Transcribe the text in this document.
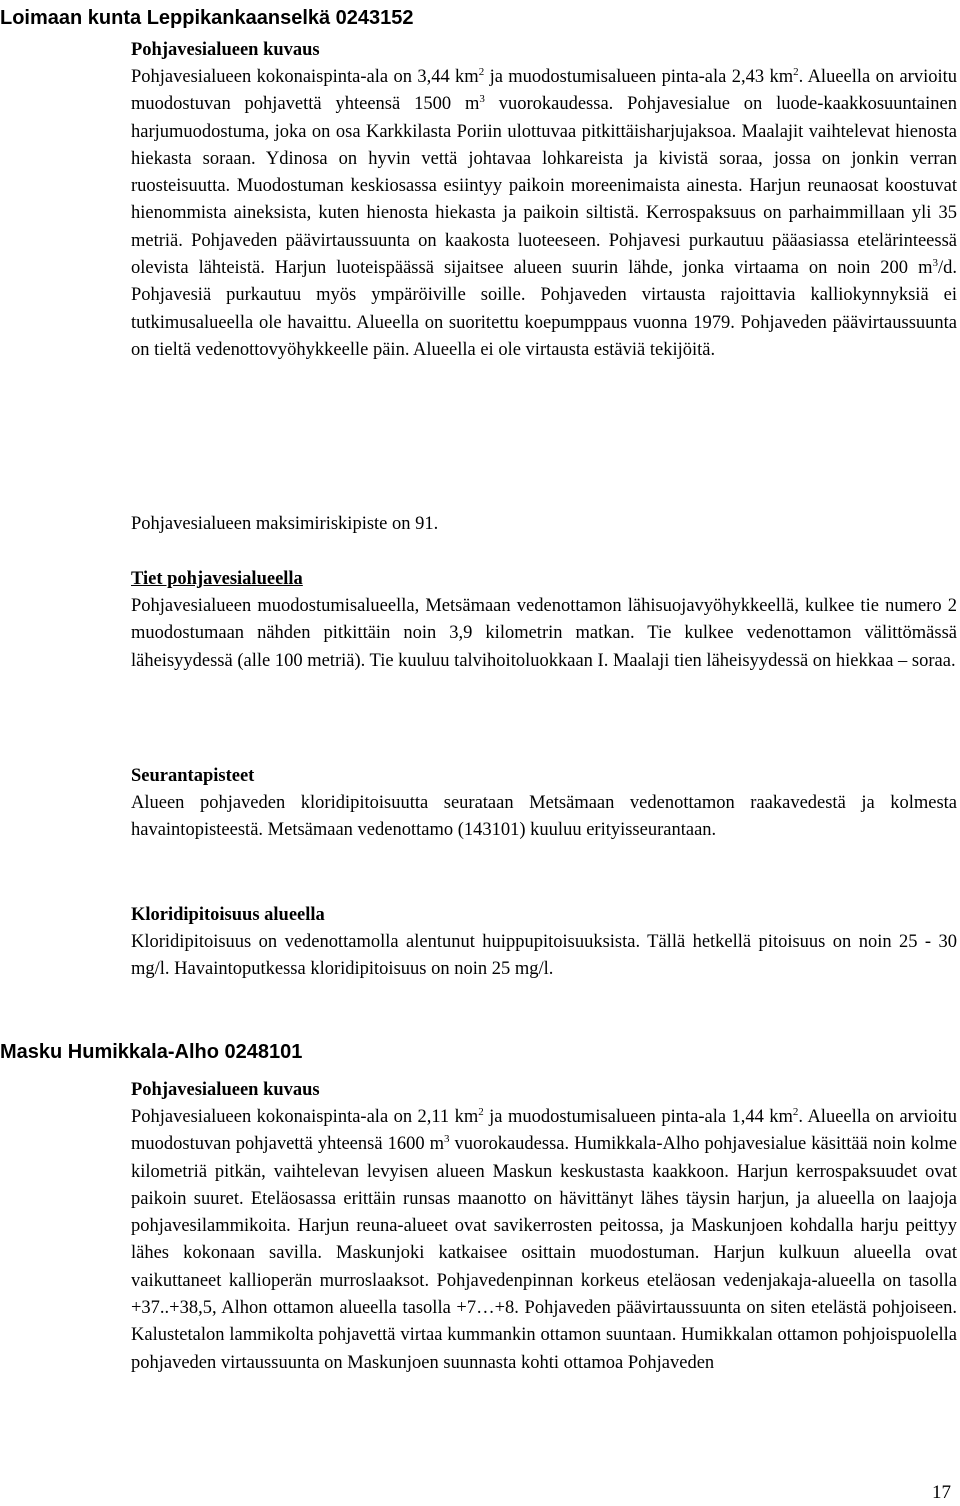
Loimaan kunta Leppikankaanselkä 0243152
Pohjavesialueen kuvaus

Pohjavesialueen kokonaispinta-ala on 3,44 $km^2$ ja muodostumisalueen pinta-ala 2,43 $km^2$. Alueella on arvioitu muodostuvan pohjavettä yhteensä 1500 $m^3$ vuorokaudessa. Pohjavesialue on luode-kaakkosuuntainen harjumuodostuma, joka on osa Karkkilasta Poriin ulottuvaa pitkittäisharjujaksoa. Maalajit vaihtelevat hienosta hiekasta soraan. Ydinosa on hyvin vettä johtavaa lohkareista ja kivistä soraa, jossa on jonkin verran ruosteisuutta. Muodostuman keskiosassa esiintyy paikoin moreenimaista ainesta. Harjun reunaosat koostuvat hienommista aineksista, kuten hienosta hiekasta ja paikoin siltistä. Kerrospaksuus on parhaimmillaan yli 35 metriä. Pohjaveden päävirtaussuunta on kaakosta luoteeseen. Pohjavesi purkautuu pääasiassa etelärinteessä olevista lähteistä. Harjun luoteispäässä sijaitsee alueen suurin lähde, jonka virtaama on noin 200 $m^3/d$. Pohjavesiä purkautuu myös ympäröiville soille. Pohjaveden virtausta rajoittavia kalliokynnyksiä ei tutkimusalueella ole havaittu. Alueella on suoritettu koepumppaus vuonna 1979. Pohjaveden päävirtaussuunta on tieltä vedenottovyöhykkeelle päin. Alueella ei ole virtausta estäviä tekijöitä.

Pohjavesialueen maksimiriskipiste on 91.

Tiet pohjavesialueella

Pohjavesialueen muodostumisalueella, Metsämaan vedenottamon lähisuojavyöhykkeellä, kulkee tie numero 2 muodostumaan nähden pitkittäin noin 3,9 kilometrin matkan. Tie kulkee vedenottamon välittömässä läheisyydessä (alle 100 metriä). Tie kuuluu talvihoitoluokkaan I. Maalaji tien läheisyydessä on hiekkaa – soraa.

Seurantapisteet

Alueen pohjaveden kloridipitoisuutta seurataan Metsämaan vedenottamon raakavedestä ja kolmesta havaintopisteestä. Metsämaan vedenottamo (143101) kuuluu erityisseurantaan.

Kloridipitoisuus alueella

Kloridipitoisuus on vedenottamolla alentunut huippupitoisuuksista. Tällä hetkellä pitoisuus on noin 25 - 30 mg/l. Havaintoputkessa kloridipitoisuus on noin 25 mg/l.

Masku Humikkala-Alho 0248101
Pohjavesialueen kuvaus

Pohjavesialueen kokonaispinta-ala on 2,11 $km^2$ ja muodostumisalueen pinta-ala 1,44 $km^2$. Alueella on arvioitu muodostuvan pohjavettä yhteensä 1600 $m^3$ vuorokaudessa. Humikkala-Alho pohjavesialue käsittää noin kolme kilometriä pitkän, vaihtelevan levyisen alueen Maskun keskustasta kaakkoon. Harjun kerrospaksuudet ovat paikoin suuret. Eteläosassa erittäin runsas maanotto on hävittänyt lähes täysin harjun, ja alueella on laajoja pohjavesilammikoita. Harjun reuna-alueet ovat savikerrosten peitossa, ja Maskunjoen kohdalla harju peittyy lähes kokonaan savilla. Maskunjoki katkaisee osittain muodostuman. Harjun kulkuun alueella ovat vaikuttaneet kallioperän murroslaaksot. Pohjavedenpinnan korkeus eteläosan vedenjakaja-alueella on tasolla +37..+38,5, Alhon ottamon alueella tasolla +7…+8. Pohjaveden päävirtaussuunta on siten etelästä pohjoiseen. Kalustetalon lammikolta pohjavettä virtaa kummankin ottamon suuntaan. Humikkalan ottamon pohjoispuolella pohjaveden virtaussuunta on Maskunjoen suunnasta kohti ottamoa Pohjaveden

17
